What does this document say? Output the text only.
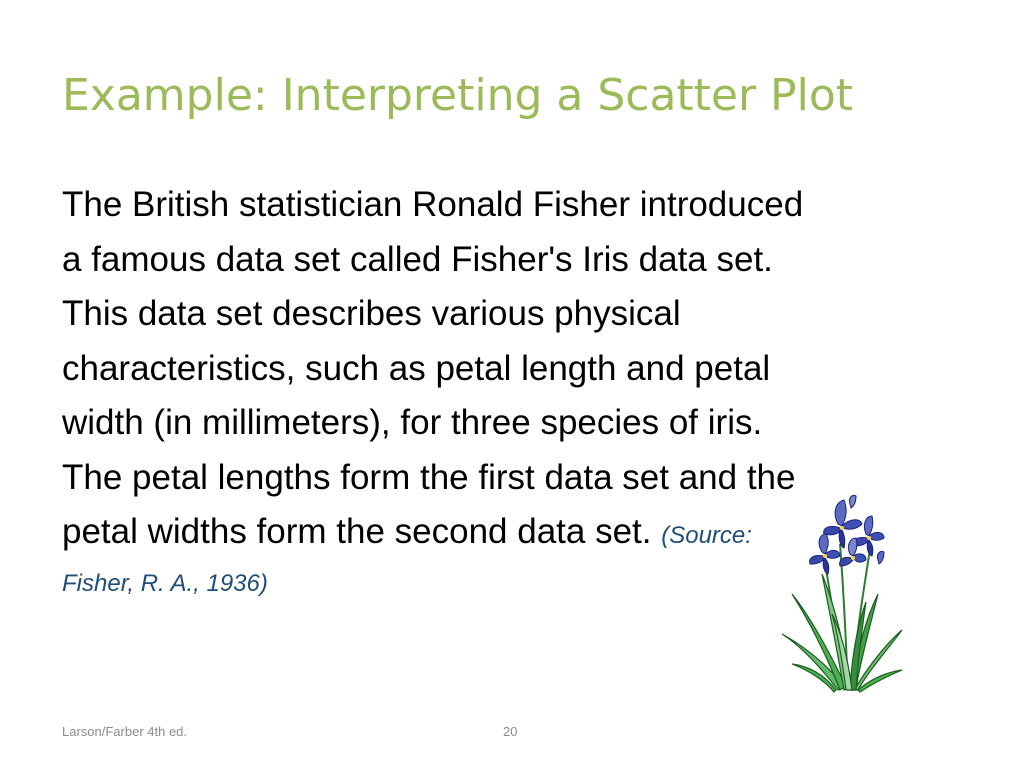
Example: Interpreting a Scatter Plot
The British statistician Ronald Fisher introduced
a famous data set called Fisher's Iris data set.
This data set describes various physical
characteristics, such as petal length and petal
width (in millimeters), for three species of iris.
The petal lengths form the first data set and the
petal widths form the second data set. (Source:
Fisher, R. A., 1936)
Larson/Farber 4th ed.	20
